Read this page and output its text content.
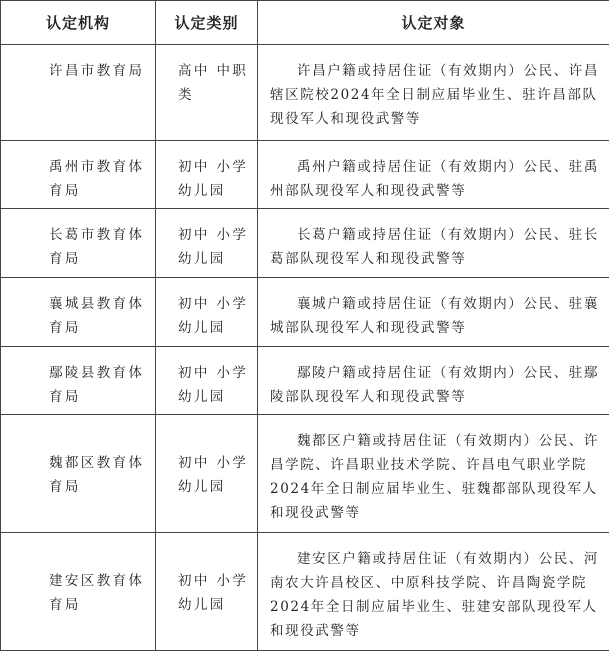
认定机构	认定类别	认定对象
许昌市教育局	高中 中职类	许昌户籍或持居住证（有效期内）公民、许昌辖区院校2024年全日制应届毕业生、驻许昌部队现役军人和现役武警等
禹州市教育体育局	初中 小学幼儿园	禹州户籍或持居住证（有效期内）公民、驻禹州部队现役军人和现役武警等
长葛市教育体育局	初中 小学幼儿园	长葛户籍或持居住证（有效期内）公民、驻长葛部队现役军人和现役武警等
襄城县教育体育局	初中 小学幼儿园	襄城户籍或持居住证（有效期内）公民、驻襄城部队现役军人和现役武警等
鄢陵县教育体育局	初中 小学幼儿园	鄢陵户籍或持居住证（有效期内）公民、驻鄢陵部队现役军人和现役武警等
魏都区教育体育局	初中 小学幼儿园	魏都区户籍或持居住证（有效期内）公民、许昌学院、许昌职业技术学院、许昌电气职业学院2024年全日制应届毕业生、驻魏都部队现役军人和现役武警等
建安区教育体育局	初中 小学幼儿园	建安区户籍或持居住证（有效期内）公民、河南农大许昌校区、中原科技学院、许昌陶瓷学院2024年全日制应届毕业生、驻建安部队现役军人和现役武警等
